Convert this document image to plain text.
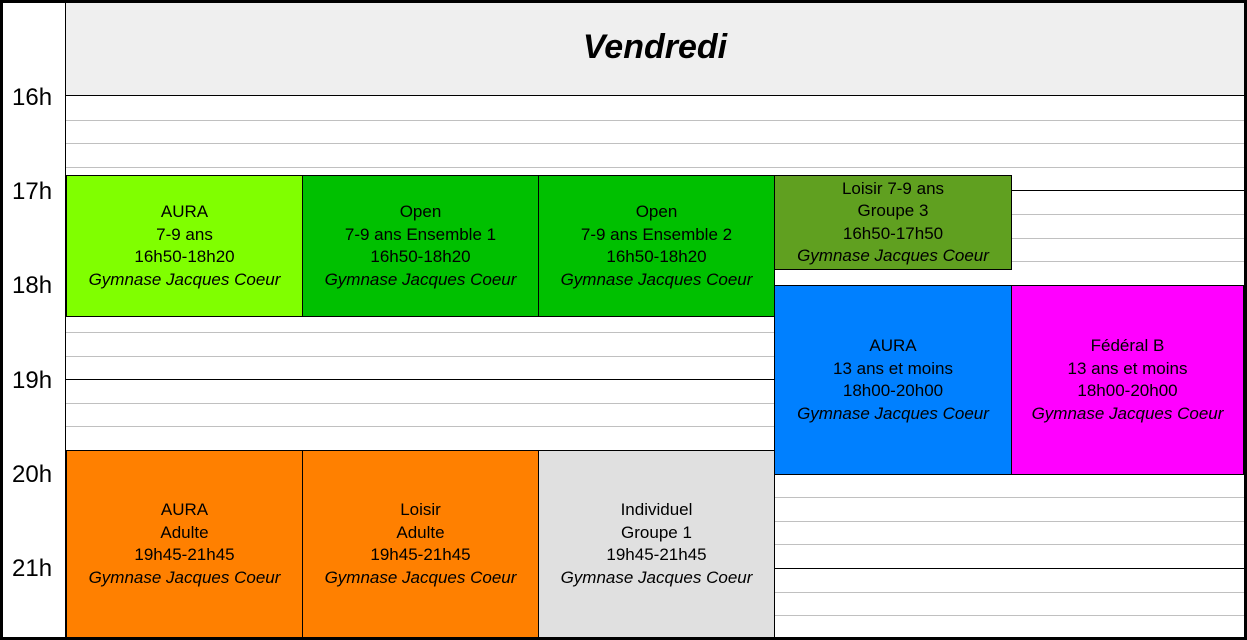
Vendredi
16h
17h
18h
19h
20h
21h
AURA
7-9 ans
16h50-18h20
Gymnase Jacques Coeur
Open
7-9 ans Ensemble 1
16h50-18h20
Gymnase Jacques Coeur
Open
7-9 ans Ensemble 2
16h50-18h20
Gymnase Jacques Coeur
Loisir 7-9 ans
Groupe 3
16h50-17h50
Gymnase Jacques Coeur
AURA
13 ans et moins
18h00-20h00
Gymnase Jacques Coeur
Fédéral B
13 ans et moins
18h00-20h00
Gymnase Jacques Coeur
AURA
Adulte
19h45-21h45
Gymnase Jacques Coeur
Loisir
Adulte
19h45-21h45
Gymnase Jacques Coeur
Individuel
Groupe 1
19h45-21h45
Gymnase Jacques Coeur
